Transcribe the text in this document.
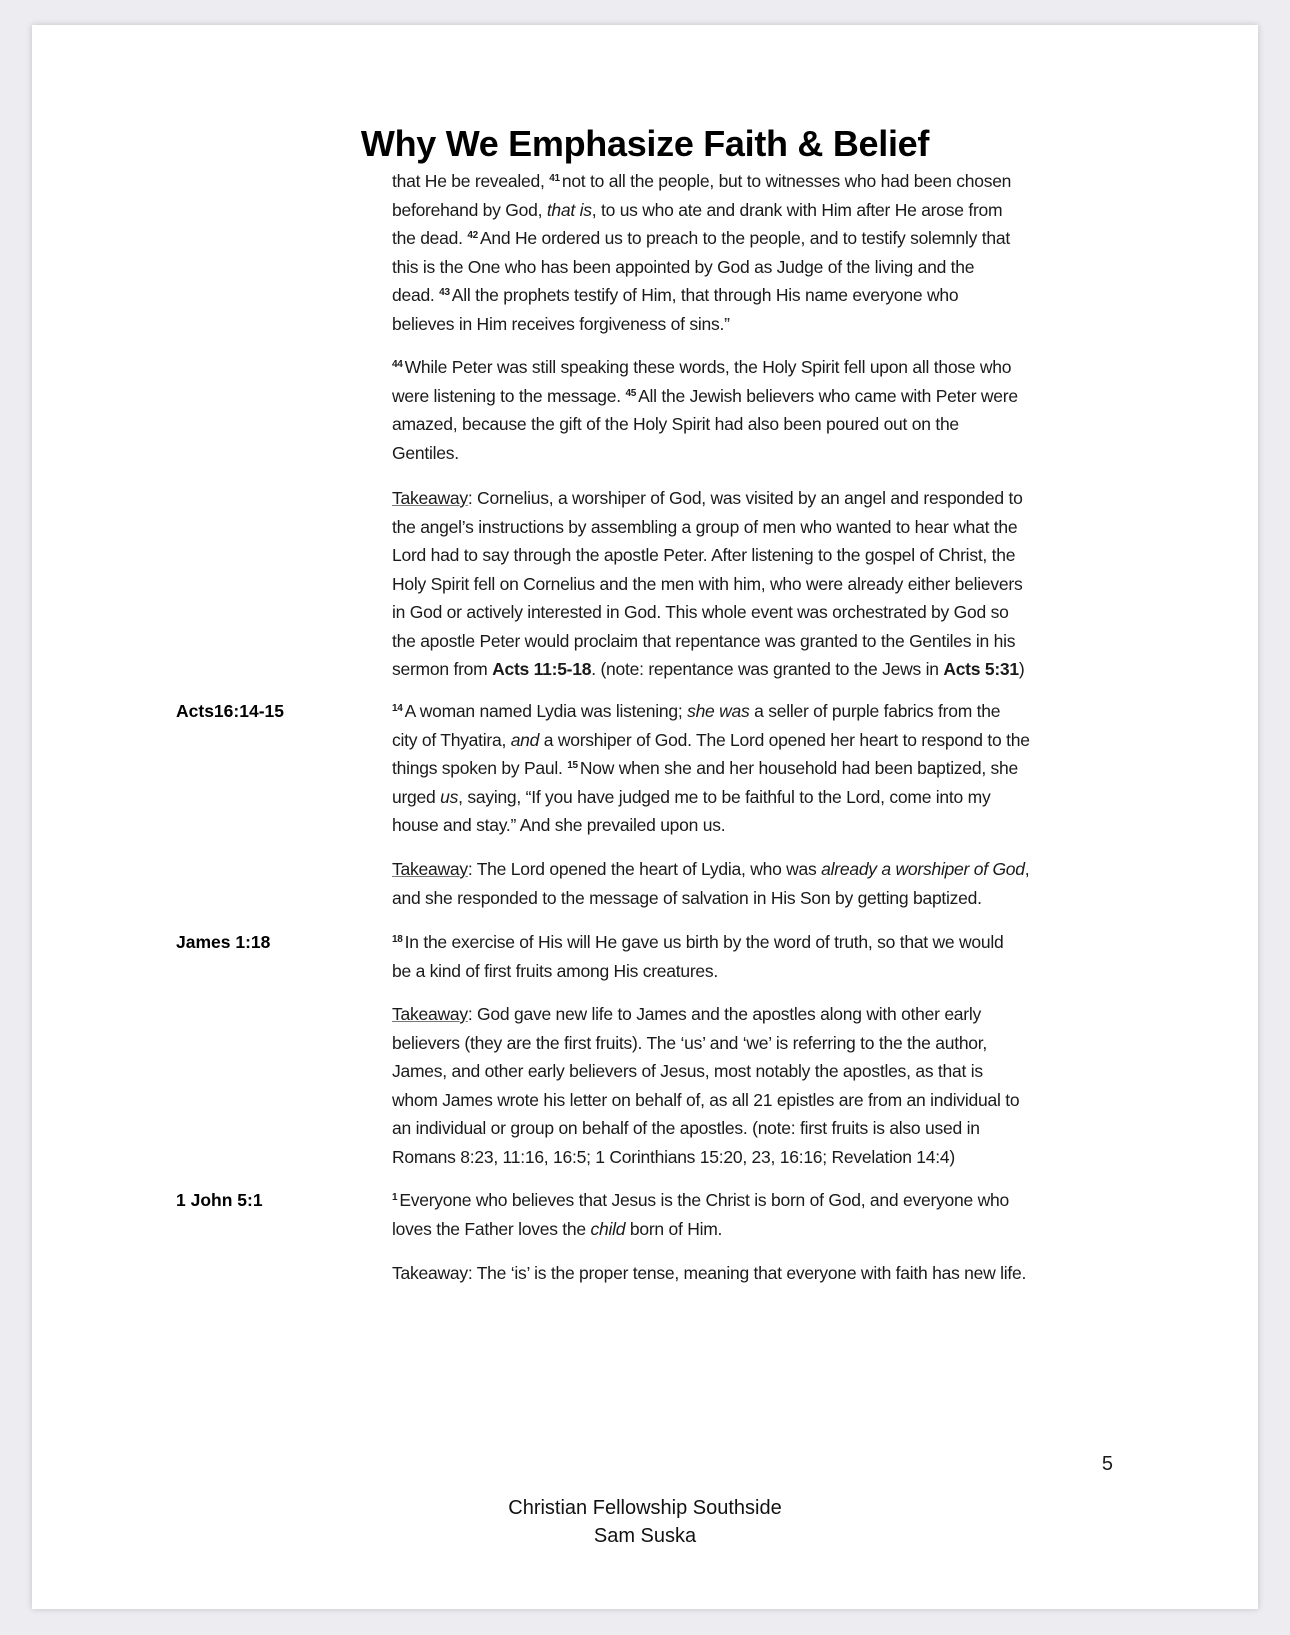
Why We Emphasize Faith & Belief
5
Christian Fellowship Southside
Sam Suska
that He be revealed, $^{41}$ not to all the people, but to witnesses who had been chosen
beforehand by God, that is, to us who ate and drank with Him after He arose from
the dead. $^{42}$ And He ordered us to preach to the people, and to testify solemnly that
this is the One who has been appointed by God as Judge of the living and the
dead. $^{43}$ All the prophets testify of Him, that through His name everyone who
believes in Him receives forgiveness of sins.”
$^{44}$ While Peter was still speaking these words, the Holy Spirit fell upon all those who
were listening to the message. $^{45}$ All the Jewish believers who came with Peter were
amazed, because the gift of the Holy Spirit had also been poured out on the
Gentiles.
Takeaway: Cornelius, a worshiper of God, was visited by an angel and responded to
the angel’s instructions by assembling a group of men who wanted to hear what the
Lord had to say through the apostle Peter. After listening to the gospel of Christ, the
Holy Spirit fell on Cornelius and the men with him, who were already either believers
in God or actively interested in God. This whole event was orchestrated by God so
the apostle Peter would proclaim that repentance was granted to the Gentiles in his
sermon from Acts 11:5-18. (note: repentance was granted to the Jews in Acts 5:31)
Acts16:14-15	$^{14}$ A woman named Lydia was listening; she was a seller of purple fabrics from the
city of Thyatira, and a worshiper of God. The Lord opened her heart to respond to the
things spoken by Paul. $^{15}$ Now when she and her household had been baptized, she
urged us, saying, “If you have judged me to be faithful to the Lord, come into my
house and stay.” And she prevailed upon us.
Takeaway: The Lord opened the heart of Lydia, who was already a worshiper of God,
and she responded to the message of salvation in His Son by getting baptized.
James 1:18	$^{18}$ In the exercise of His will He gave us birth by the word of truth, so that we would
be a kind of first fruits among His creatures.
Takeaway: God gave new life to James and the apostles along with other early
believers (they are the first fruits). The ‘us’ and ‘we’ is referring to the the author,
James, and other early believers of Jesus, most notably the apostles, as that is
whom James wrote his letter on behalf of, as all 21 epistles are from an individual to
an individual or group on behalf of the apostles. (note: first fruits is also used in
Romans 8:23, 11:16, 16:5; 1 Corinthians 15:20, 23, 16:16; Revelation 14:4)
1 John 5:1	$^1$ Everyone who believes that Jesus is the Christ is born of God, and everyone who
loves the Father loves the child born of Him.
Takeaway: The ‘is’ is the proper tense, meaning that everyone with faith has new life.
